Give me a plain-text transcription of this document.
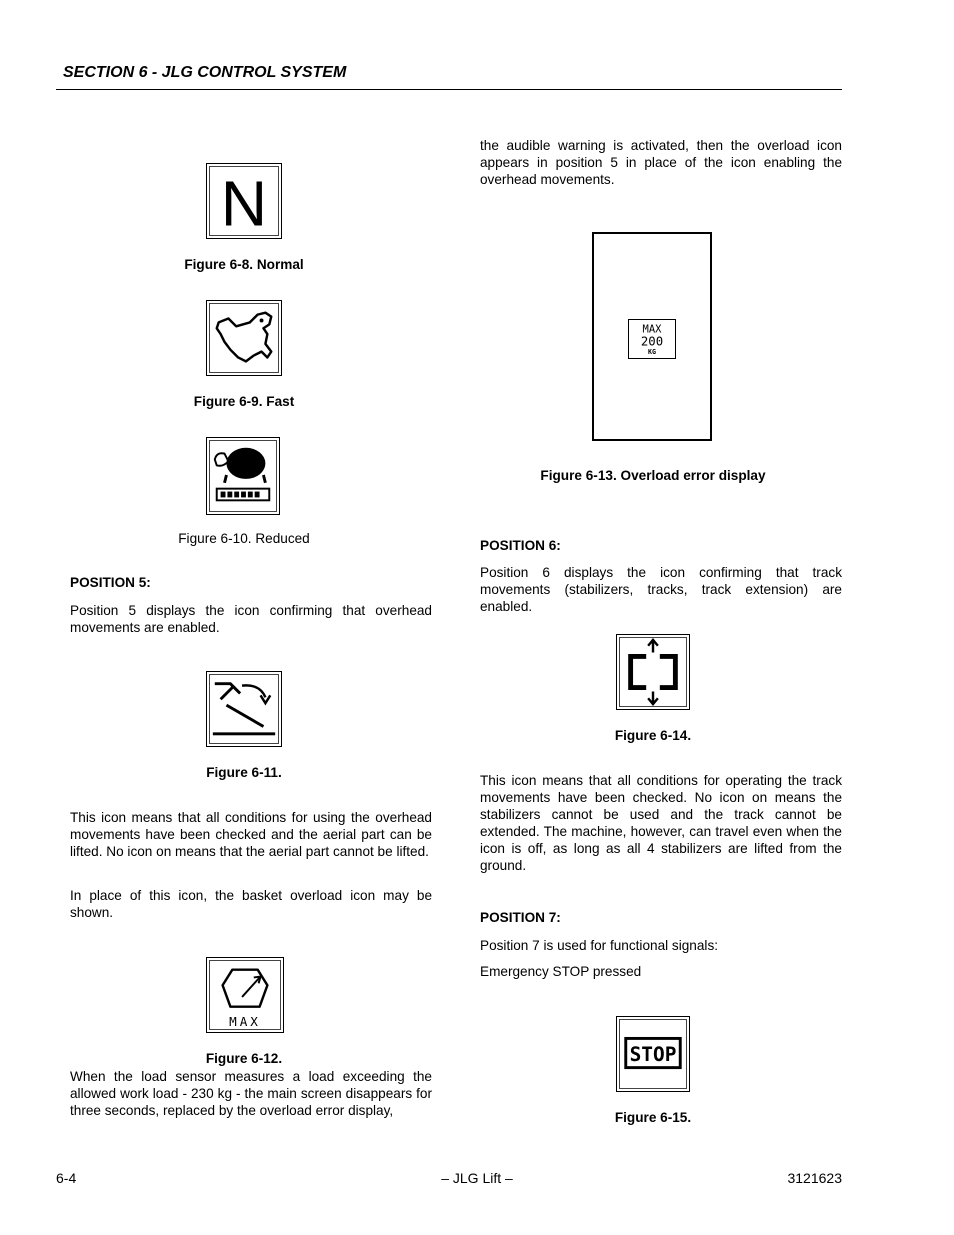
SECTION 6 - JLG CONTROL SYSTEM
N
Figure 6-8. Normal
Figure 6-9. Fast
Figure 6-10. Reduced
POSITION 5:
Position 5 displays the icon confirming that overhead movements are enabled.
Figure 6-11.
This icon means that all conditions for using the overhead movements have been checked and the aerial part can be lifted. No icon on means that the aerial part cannot be lifted.
In place of this icon, the basket overload icon may be shown.
MAX
Figure 6-12.
When the load sensor measures a load exceeding the allowed work load - 230 kg - the main screen disappears for three seconds, replaced by the overload error display,
the audible warning is activated, then the overload icon appears in position 5 in place of the icon enabling the overhead movements.
MAX
200
KG
Figure 6-13. Overload error display
POSITION 6:
Position 6 displays the icon confirming that track movements (stabilizers, tracks, track extension) are enabled.
Figure 6-14.
This icon means that all conditions for operating the track movements have been checked. No icon on means the stabilizers cannot be used and the track cannot be extended. The machine, however, can travel even when the icon is off, as long as all 4 stabilizers are lifted from the ground.
POSITION 7:
Position 7 is used for functional signals:
Emergency STOP pressed
STOP
Figure 6-15.
6-4	– JLG Lift –	3121623
